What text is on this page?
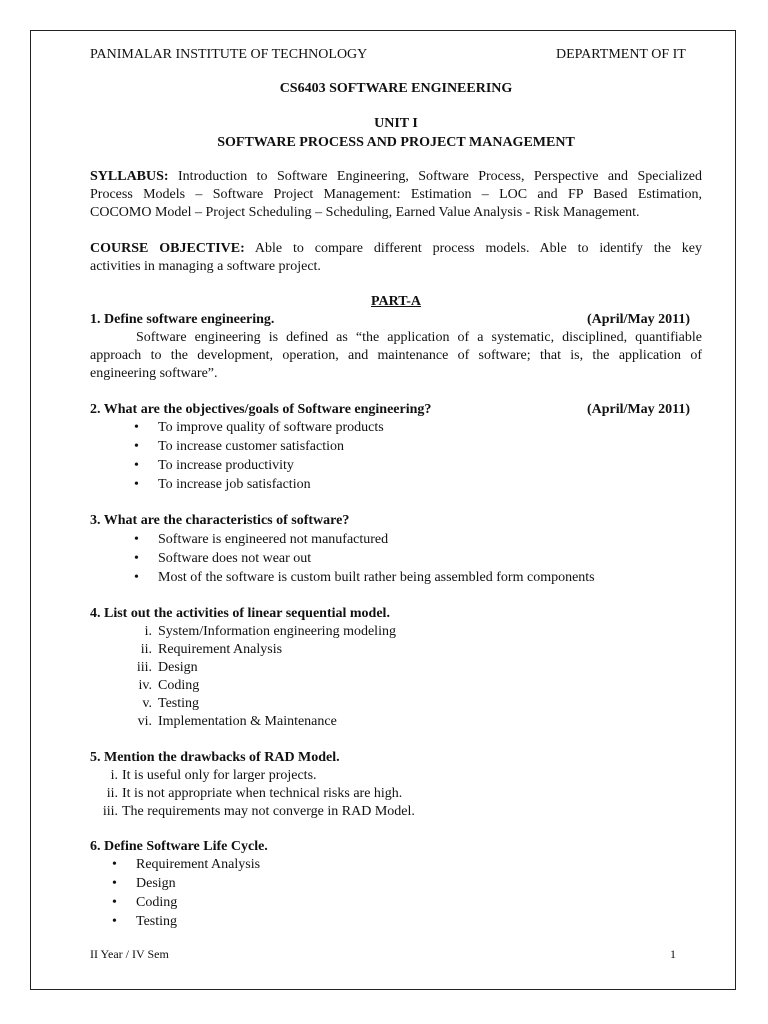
PANIMALAR INSTITUTE OF TECHNOLOGY	DEPARTMENT OF IT
CS6403 SOFTWARE ENGINEERING
UNIT I
SOFTWARE PROCESS AND PROJECT MANAGEMENT
SYLLABUS: Introduction to Software Engineering, Software Process, Perspective and Specialized
Process Models – Software Project Management: Estimation – LOC and FP Based Estimation,
COCOMO Model – Project Scheduling – Scheduling, Earned Value Analysis - Risk Management.
COURSE OBJECTIVE: Able to compare different process models. Able to identify the key
activities in managing a software project.
PART-A
1. Define software engineering.	(April/May 2011)
Software engineering is defined as “the application of a systematic, disciplined, quantifiable
approach to the development, operation, and maintenance of software; that is, the application of
engineering software”.
2. What are the objectives/goals of Software engineering?	(April/May 2011)
• To improve quality of software products
• To increase customer satisfaction
• To increase productivity
• To increase job satisfaction
3. What are the characteristics of software?
• Software is engineered not manufactured
• Software does not wear out
• Most of the software is custom built rather being assembled form components
4. List out the activities of linear sequential model.
i. System/Information engineering modeling
ii. Requirement Analysis
iii. Design
iv. Coding
v. Testing
vi. Implementation & Maintenance
5. Mention the drawbacks of RAD Model.
i. It is useful only for larger projects.
ii. It is not appropriate when technical risks are high.
iii. The requirements may not converge in RAD Model.
6. Define Software Life Cycle.
• Requirement Analysis
• Design
• Coding
• Testing
II Year / IV Sem	1
